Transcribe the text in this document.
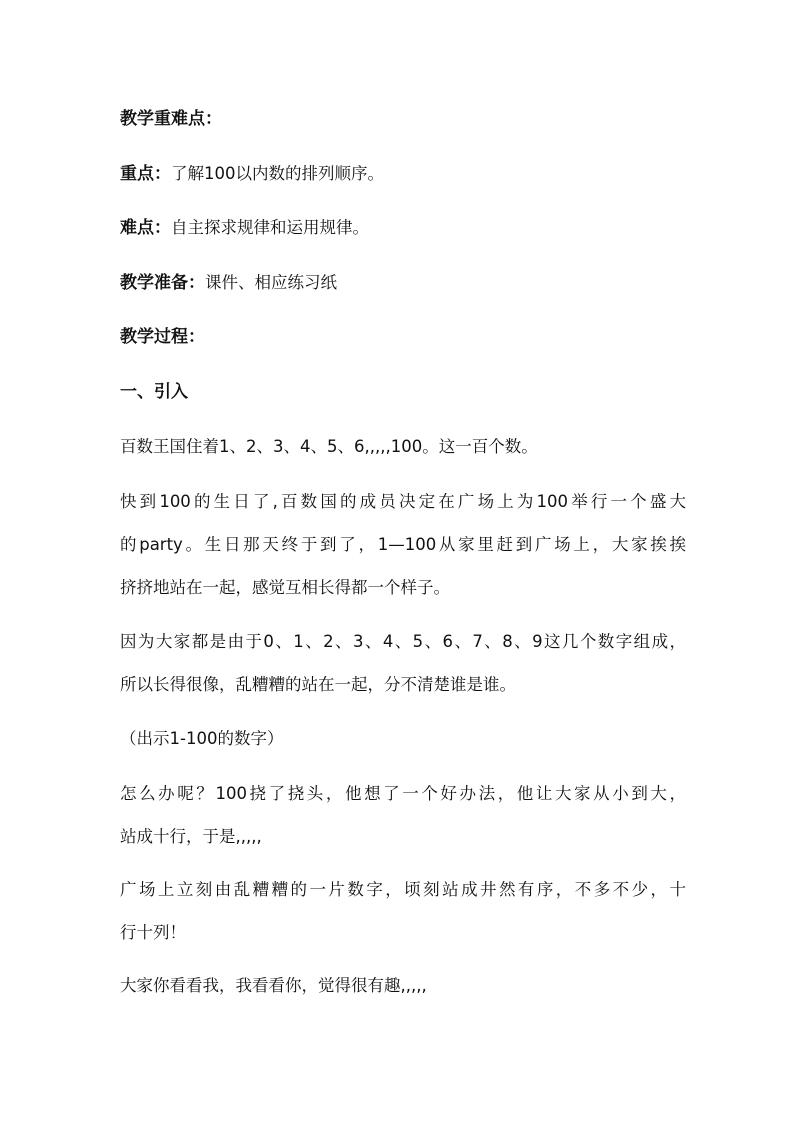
教学重难点：
重点：了解100以内数的排列顺序。
难点：自主探求规律和运用规律。
教学准备：课件、相应练习纸
教学过程：
一、引入
百数王国住着1、2、3、4、5、6,,,,,100。这一百个数。
快到100的生日了,百数国的成员决定在广场上为100举行一个盛大
的party。生日那天终于到了，1—100从家里赶到广场上，大家挨挨
挤挤地站在一起，感觉互相长得都一个样子。
因为大家都是由于0、1、2、3、4、5、6、7、8、9这几个数字组成，
所以长得很像，乱糟糟的站在一起，分不清楚谁是谁。
（出示1-100的数字）
怎么办呢？100挠了挠头，他想了一个好办法，他让大家从小到大，
站成十行，于是,,,,,
广场上立刻由乱糟糟的一片数字，顷刻站成井然有序，不多不少，十
行十列！
大家你看看我，我看看你，觉得很有趣,,,,,
